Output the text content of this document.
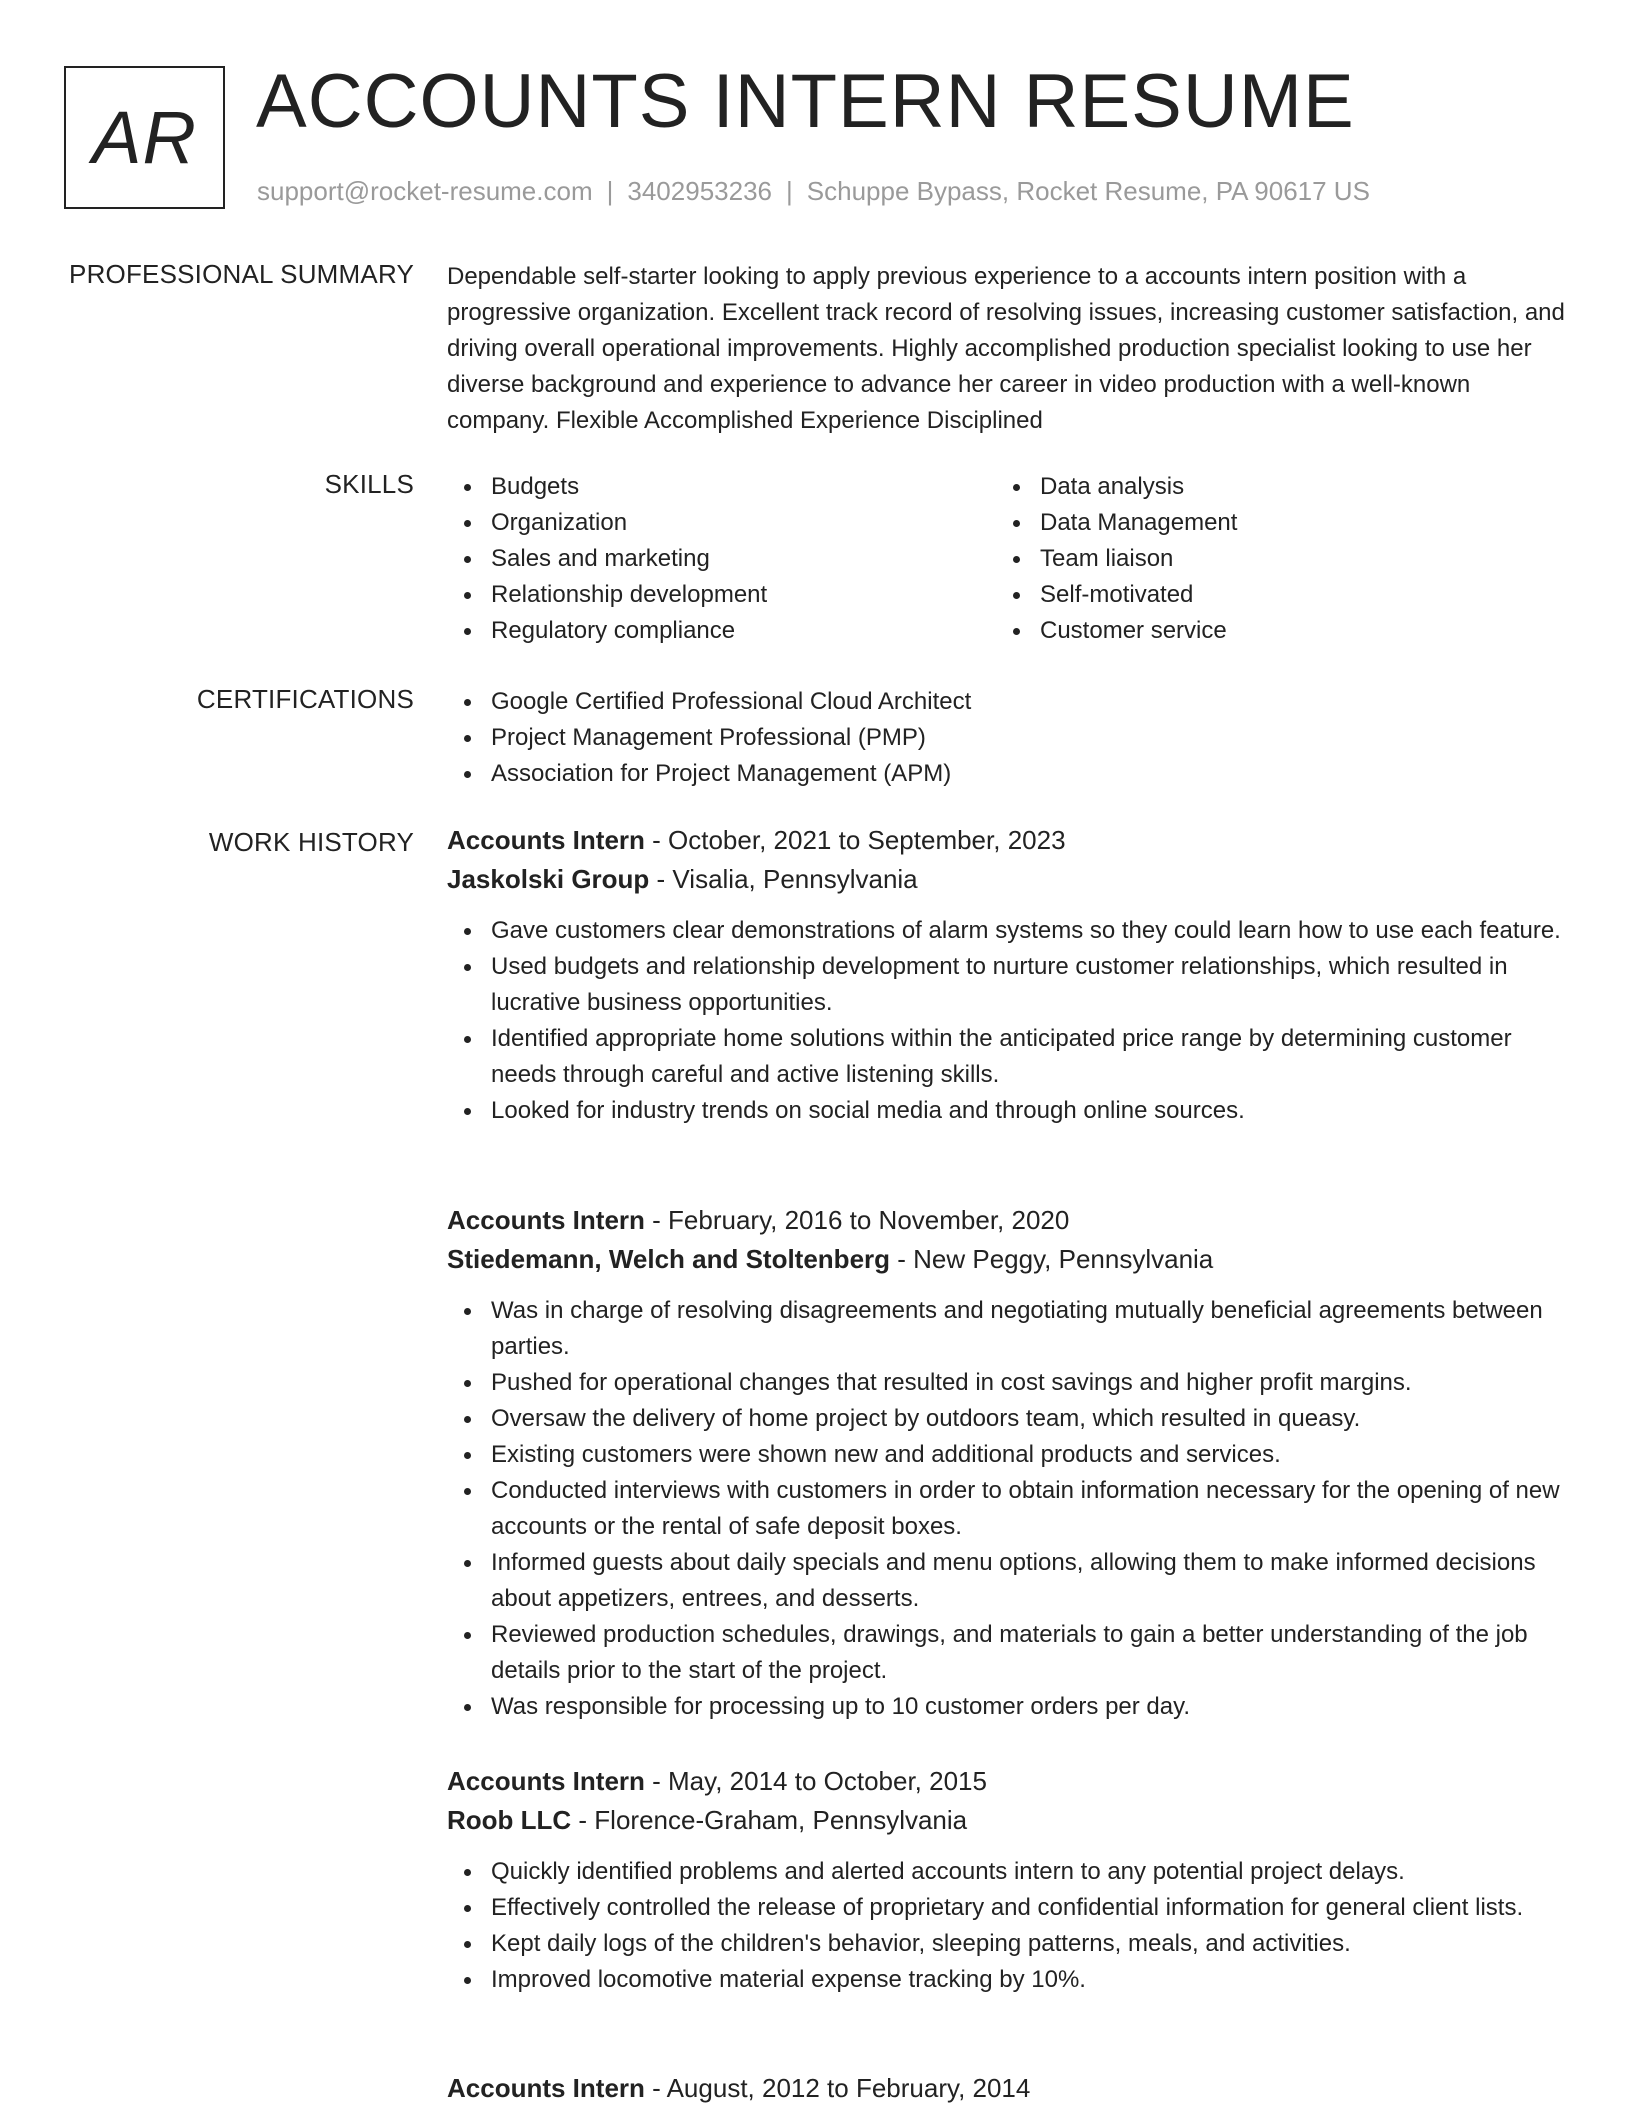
AR ACCOUNTS INTERN RESUME
support@rocket-resume.com | 3402953236 | Schuppe Bypass, Rocket Resume, PA 90617 US
PROFESSIONAL SUMMARY Dependable self-starter looking to apply previous experience to a accounts intern position with a progressive organization. Excellent track record of resolving issues, increasing customer satisfaction, and driving overall operational improvements. Highly accomplished production specialist looking to use her diverse background and experience to advance her career in video production with a well-known company. Flexible Accomplished Experience Disciplined

SKILLS	Budgets
Organization
Sales and marketing
Relationship development
Regulatory compliance
Data analysis
Data Management
Team liaison
Self-motivated
Customer service
CERTIFICATIONS	Google Certified Professional Cloud Architect
Project Management Professional (PMP)
Association for Project Management (APM)
WORK HISTORY Accounts Intern - October, 2021 to September, 2023
Jaskolski Group - Visalia, Pennsylvania
Gave customers clear demonstrations of alarm systems so they could learn how to use each feature.
Used budgets and relationship development to nurture customer relationships, which resulted in lucrative business opportunities.
Identified appropriate home solutions within the anticipated price range by determining customer needs through careful and active listening skills.
Looked for industry trends on social media and through online sources.
Accounts Intern - February, 2016 to November, 2020
Stiedemann, Welch and Stoltenberg - New Peggy, Pennsylvania
Was in charge of resolving disagreements and negotiating mutually beneficial agreements between parties.
Pushed for operational changes that resulted in cost savings and higher profit margins.
Oversaw the delivery of home project by outdoors team, which resulted in queasy.
Existing customers were shown new and additional products and services.
Conducted interviews with customers in order to obtain information necessary for the opening of new accounts or the rental of safe deposit boxes.
Informed guests about daily specials and menu options, allowing them to make informed decisions about appetizers, entrees, and desserts.
Reviewed production schedules, drawings, and materials to gain a better understanding of the job details prior to the start of the project.
Was responsible for processing up to 10 customer orders per day.
Accounts Intern - May, 2014 to October, 2015
Roob LLC - Florence-Graham, Pennsylvania
Quickly identified problems and alerted accounts intern to any potential project delays.
Effectively controlled the release of proprietary and confidential information for general client lists.
Kept daily logs of the children's behavior, sleeping patterns, meals, and activities.
Improved locomotive material expense tracking by 10%.
Accounts Intern - August, 2012 to February, 2014
